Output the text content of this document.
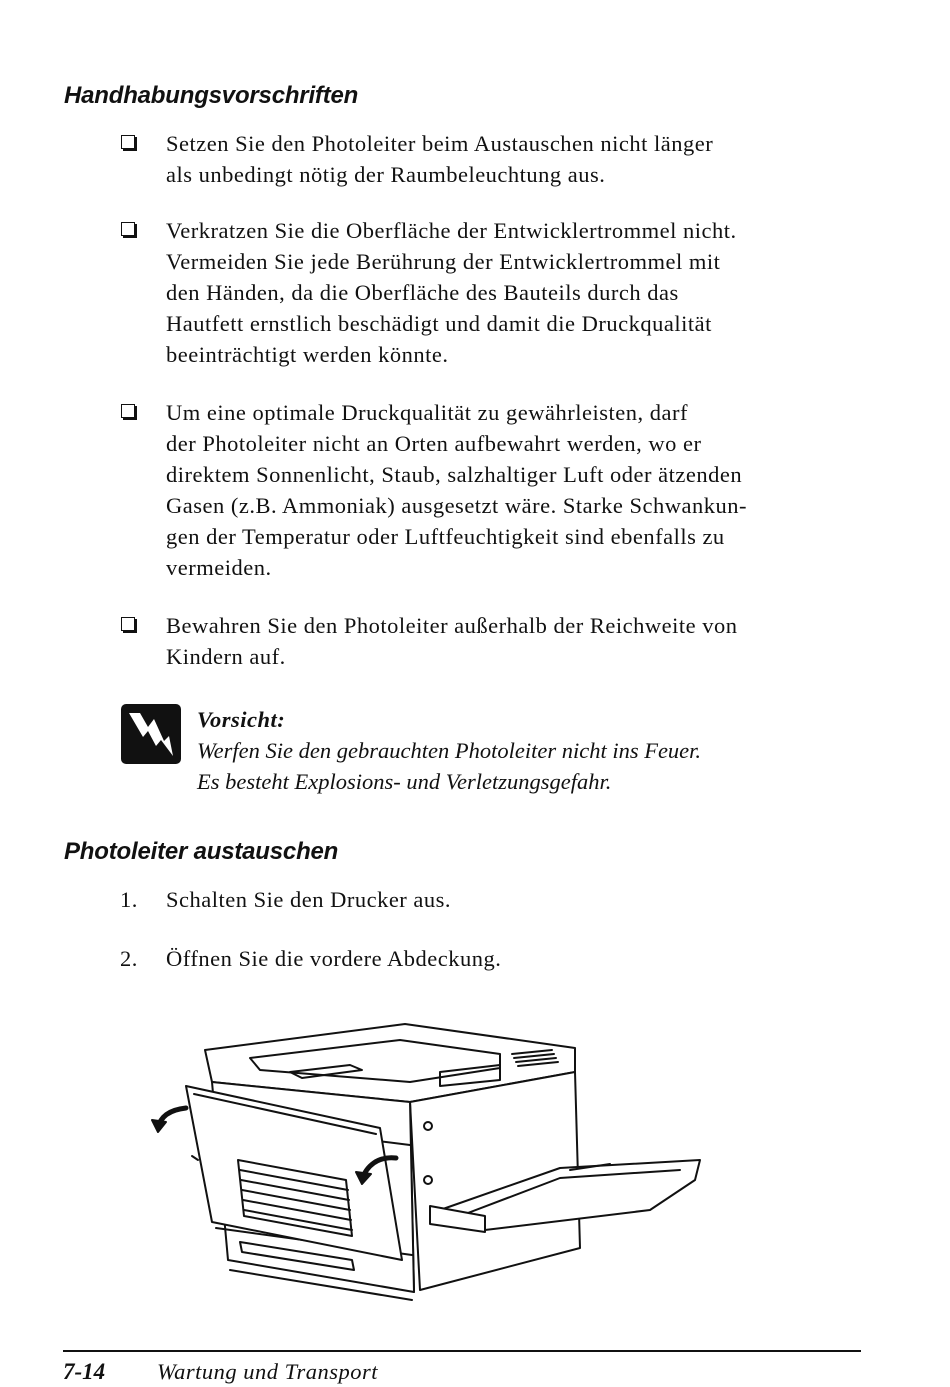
Handhabungsvorschriften

Setzen Sie den Photoleiter beim Austauschen nicht länger
als unbedingt nötig der Raumbeleuchtung aus.

Verkratzen Sie die Oberfläche der Entwicklertrommel nicht.
Vermeiden Sie jede Berührung der Entwicklertrommel mit
den Händen, da die Oberfläche des Bauteils durch das
Hautfett ernstlich beschädigt und damit die Druckqualität
beeinträchtigt werden könnte.

Um eine optimale Druckqualität zu gewährleisten, darf
der Photoleiter nicht an Orten aufbewahrt werden, wo er
direktem Sonnenlicht, Staub, salzhaltiger Luft oder ätzenden
Gasen (z.B. Ammoniak) ausgesetzt wäre. Starke Schwankun-
gen der Temperatur oder Luftfeuchtigkeit sind ebenfalls zu
vermeiden.

Bewahren Sie den Photoleiter außerhalb der Reichweite von
Kindern auf.

Vorsicht:

Werfen Sie den gebrauchten Photoleiter nicht ins Feuer.
Es besteht Explosions- und Verletzungsgefahr.

Photoleiter austauschen
1. Schalten Sie den Drucker aus.
2. Öffnen Sie die vordere Abdeckung.
7-14 Wartung und Transport
